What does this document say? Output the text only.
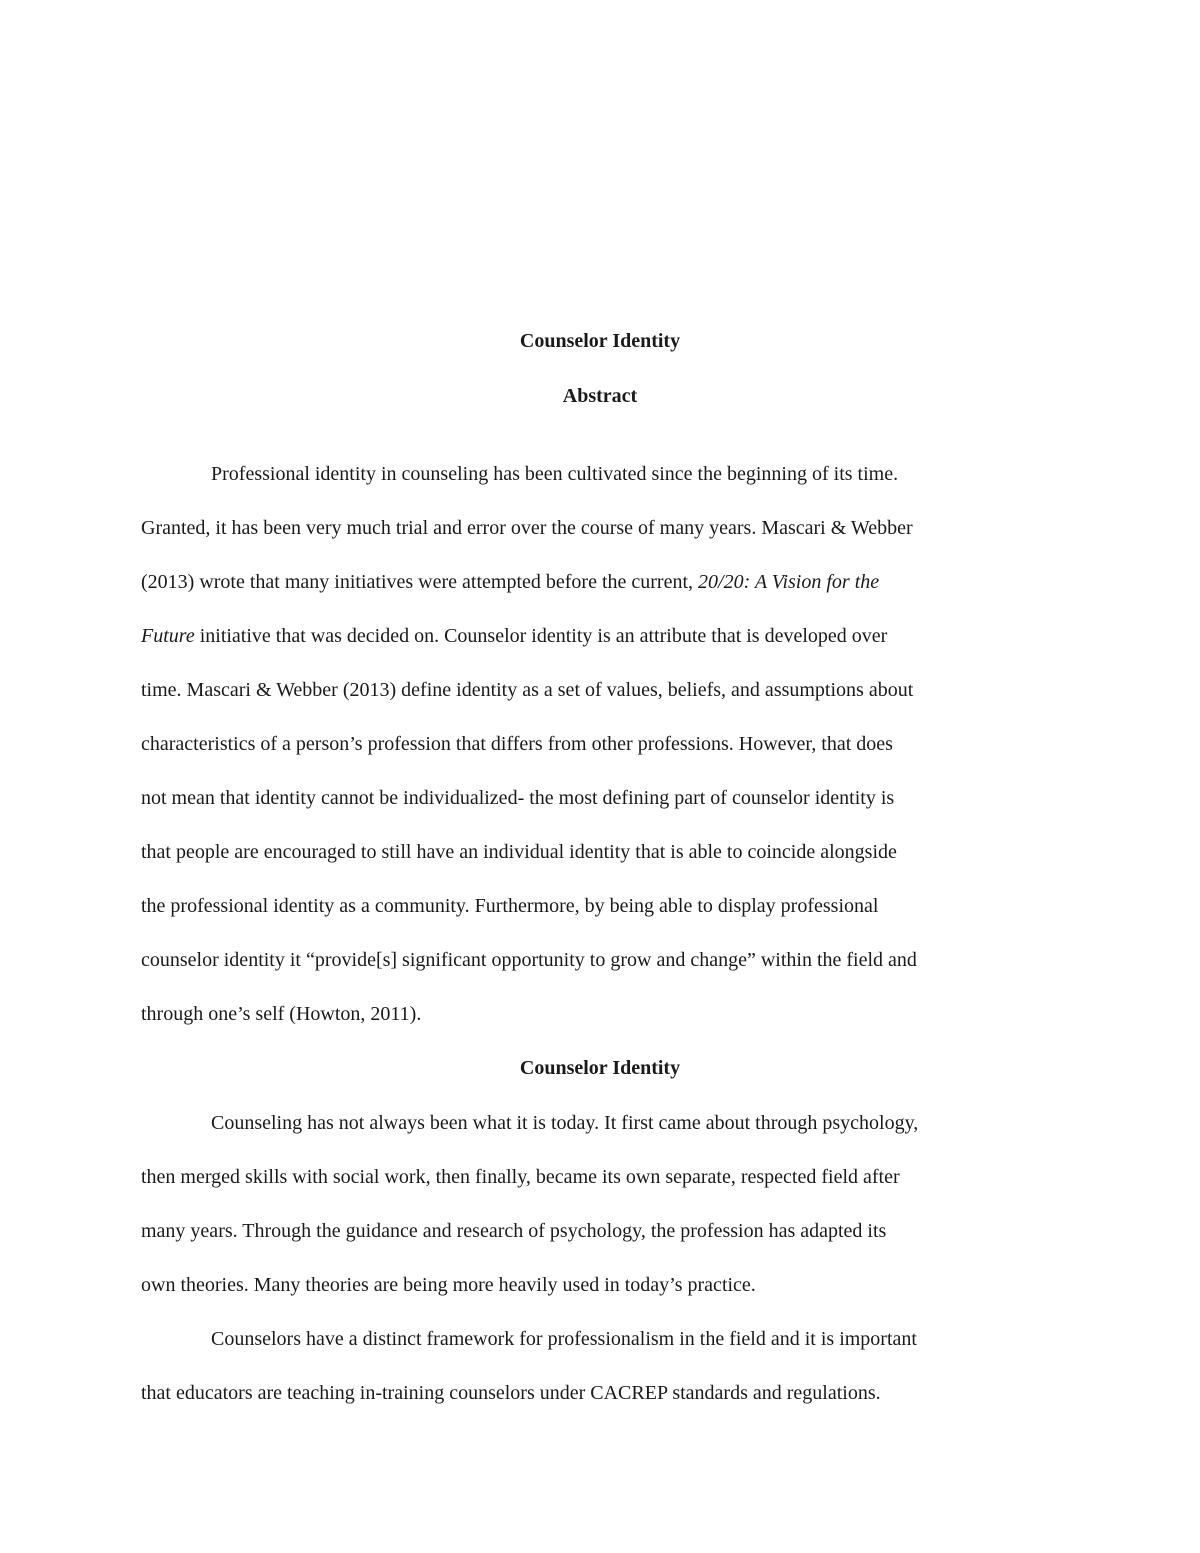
Counselor Identity
Abstract
Professional identity in counseling has been cultivated since the beginning of its time.
Granted, it has been very much trial and error over the course of many years. Mascari & Webber
(2013) wrote that many initiatives were attempted before the current, 20/20: A Vision for the
Future initiative that was decided on. Counselor identity is an attribute that is developed over
time. Mascari & Webber (2013) define identity as a set of values, beliefs, and assumptions about
characteristics of a person’s profession that differs from other professions. However, that does
not mean that identity cannot be individualized- the most defining part of counselor identity is
that people are encouraged to still have an individual identity that is able to coincide alongside
the professional identity as a community. Furthermore, by being able to display professional
counselor identity it “provide[s] significant opportunity to grow and change” within the field and
through one’s self (Howton, 2011).
Counselor Identity
Counseling has not always been what it is today. It first came about through psychology,
then merged skills with social work, then finally, became its own separate, respected field after
many years. Through the guidance and research of psychology, the profession has adapted its
own theories. Many theories are being more heavily used in today’s practice.
Counselors have a distinct framework for professionalism in the field and it is important
that educators are teaching in-training counselors under CACREP standards and regulations.
